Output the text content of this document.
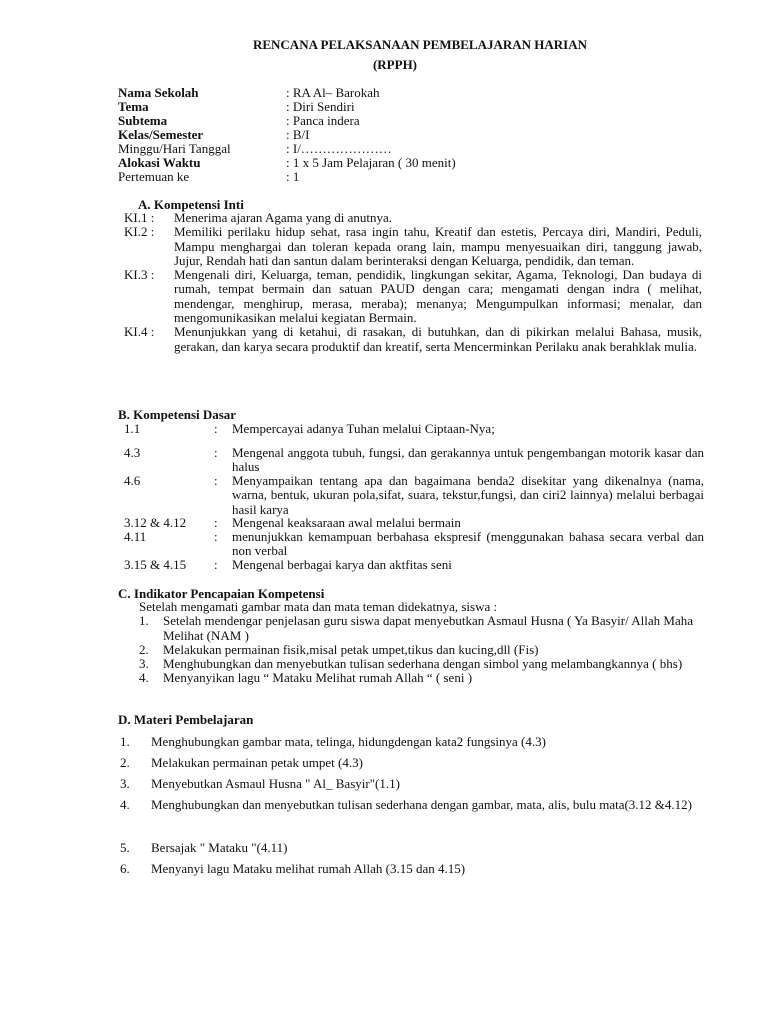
RENCANA PELAKSANAAN PEMBELAJARAN HARIAN
(RPPH)
Nama Sekolah	: RA Al– Barokah
Tema	: Diri Sendiri
Subtema	: Panca indera
Kelas/Semester	: B/I
Minggu/Hari Tanggal	: I/…………………
Alokasi Waktu	: 1 x 5 Jam Pelajaran ( 30 menit)
Pertemuan ke	: 1
A. Kompetensi Inti
KI.1 :	Menerima ajaran Agama yang di anutnya.
KI.2 :	Memiliki perilaku hidup sehat, rasa ingin tahu, Kreatif dan estetis, Percaya diri, Mandiri, Peduli, Mampu menghargai dan toleran kepada orang lain, mampu menyesuaikan diri, tanggung jawab, Jujur, Rendah hati dan santun dalam berinteraksi dengan Keluarga, pendidik, dan teman.
KI.3 :	Mengenali diri, Keluarga, teman, pendidik, lingkungan sekitar, Agama, Teknologi, Dan budaya di rumah, tempat bermain dan satuan PAUD dengan cara; mengamati dengan indra ( melihat, mendengar, menghirup, merasa, meraba); menanya; Mengumpulkan informasi; menalar, dan mengomunikasikan melalui kegiatan Bermain.
KI.4 :	Menunjukkan yang di ketahui, di rasakan, di butuhkan, dan di pikirkan melalui Bahasa, musik, gerakan, dan karya secara produktif dan kreatif, serta Mencerminkan Perilaku anak berahklak mulia.
B. Kompetensi Dasar
1.1	:	Mempercayai adanya Tuhan melalui Ciptaan-Nya;
4.3	:	Mengenal anggota tubuh, fungsi, dan gerakannya untuk pengembangan motorik kasar dan halus
4.6	:	Menyampaikan tentang apa dan bagaimana benda2 disekitar yang dikenalnya (nama, warna, bentuk, ukuran pola,sifat, suara, tekstur,fungsi, dan ciri2 lainnya) melalui berbagai hasil karya
3.12 & 4.12	:	Mengenal keaksaraan awal melalui bermain
4.11	:	menunjukkan kemampuan berbahasa ekspresif (menggunakan bahasa secara verbal dan non verbal
3.15 & 4.15	:	Mengenal berbagai karya dan aktfitas seni
C. Indikator Pencapaian Kompetensi
Setelah mengamati gambar mata dan mata teman didekatnya, siswa :
1.	Setelah mendengar penjelasan guru siswa dapat menyebutkan Asmaul Husna ( Ya Basyir/ Allah Maha Melihat (NAM )
2.	Melakukan permainan fisik,misal petak umpet,tikus dan kucing,dll (Fis)
3.	Menghubungkan dan menyebutkan tulisan sederhana dengan simbol yang melambangkannya ( bhs)
4.	Menyanyikan lagu “ Mataku Melihat rumah Allah “ ( seni )
D. Materi Pembelajaran
1.	Menghubungkan gambar mata, telinga, hidungdengan kata2 fungsinya (4.3)
2.	Melakukan permainan petak umpet (4.3)
3.	Menyebutkan Asmaul Husna " Al_ Basyir"(1.1)
4.	Menghubungkan dan menyebutkan tulisan sederhana dengan gambar, mata, alis, bulu mata(3.12 &4.12)
5.	Bersajak " Mataku "(4.11)
6.	Menyanyi lagu Mataku melihat rumah Allah (3.15 dan 4.15)
